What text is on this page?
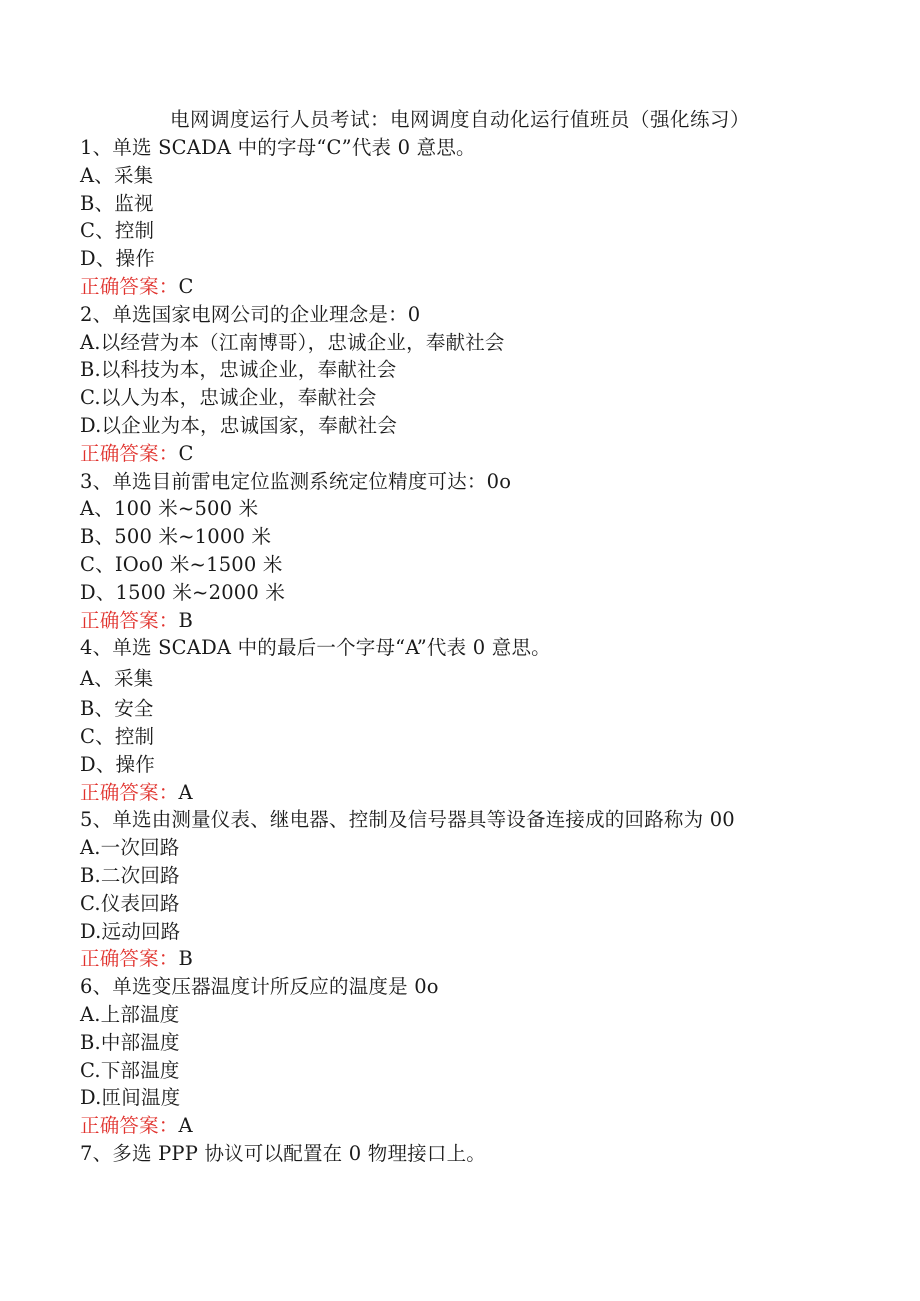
电网调度运行人员考试：电网调度自动化运行值班员（强化练习）
1、单选 SCADA 中的字母“C”代表 0 意思。
A、采集
B、监视
C、控制
D、操作
正确答案：C
2、单选国家电网公司的企业理念是：0
A.以经营为本（江南博哥），忠诚企业，奉献社会
B.以科技为本，忠诚企业，奉献社会
C.以人为本，忠诚企业，奉献社会
D.以企业为本，忠诚国家，奉献社会
正确答案：C
3、单选目前雷电定位监测系统定位精度可达：0o
A、100 米~500 米
B、500 米~1000 米
C、IOo0 米~1500 米
D、1500 米~2000 米
正确答案：B
4、单选 SCADA 中的最后一个字母“A”代表 0 意思。
A、采集
B、安全
C、控制
D、操作
正确答案：A
5、单选由测量仪表、继电器、控制及信号器具等设备连接成的回路称为 00
A.一次回路
B.二次回路
C.仪表回路
D.远动回路
正确答案：B
6、单选变压器温度计所反应的温度是 0o
A.上部温度
B.中部温度
C.下部温度
D.匝间温度
正确答案：A
7、多选 PPP 协议可以配置在 0 物理接口上。
